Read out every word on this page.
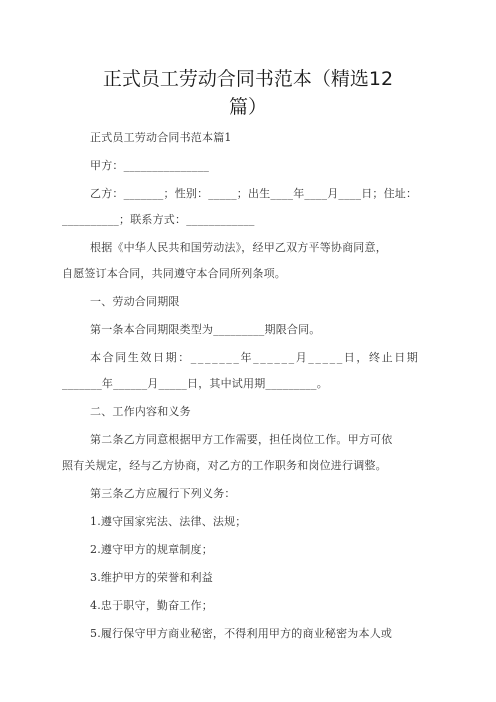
正式员工劳动合同书范本（精选12
篇）
正式员工劳动合同书范本篇1
甲方：_______________
乙方：_______；性别：_____；出生____年____月____日；住址：
__________；联系方式：____________
根据《中华人民共和国劳动法》，经甲乙双方平等协商同意，
自愿签订本合同，共同遵守本合同所列条项。
一、劳动合同期限
第一条本合同期限类型为_________期限合同。
本合同生效日期：_______年______月_____日，终止日期
_______年______月_____日，其中试用期_________。
二、工作内容和义务
第二条乙方同意根据甲方工作需要，担任岗位工作。甲方可依
照有关规定，经与乙方协商，对乙方的工作职务和岗位进行调整。
第三条乙方应履行下列义务：
1.遵守国家宪法、法律、法规；
2.遵守甲方的规章制度；
3.维护甲方的荣誉和利益
4.忠于职守，勤奋工作；
5.履行保守甲方商业秘密，不得利用甲方的商业秘密为本人或
